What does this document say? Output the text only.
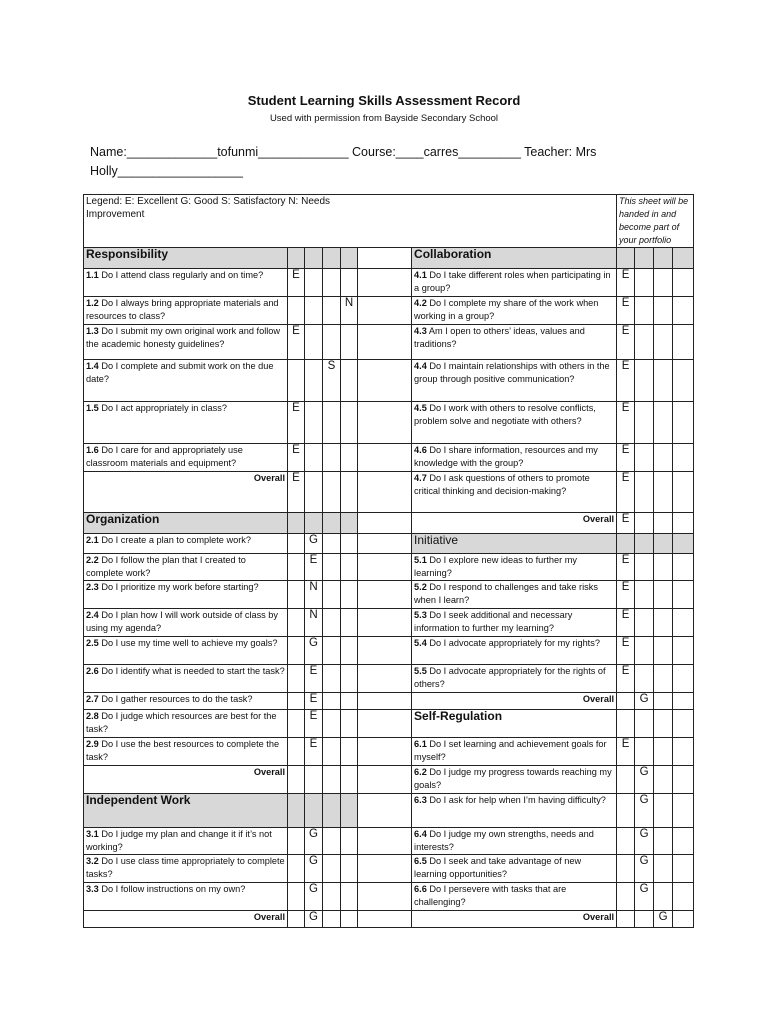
Student Learning Skills Assessment Record
Used with permission from Bayside Secondary School
Name:_____________tofunmi_____________ Course:____carres_________ Teacher: Mrs Holly__________________
Legend: E: Excellent G: Good S: Satisfactory N: Needs Improvement							This sheet will be handed in and become part of your portfolio			
Responsibility						Collaboration				
1.1 Do I attend class regularly and on time?	E					4.1 Do I take different roles when participating in a group?	E			
1.2 Do I always bring appropriate materials and resources to class?				N		4.2 Do I complete my share of the work when working in a group?	E			
1.3 Do I submit my own original work and follow the academic honesty guidelines?	E					4.3 Am I open to others’ ideas, values and traditions?	E			
1.4 Do I complete and submit work on the due date?			S			4.4 Do I maintain relationships with others in the group through positive communication?	E			
1.5 Do I act appropriately in class?	E					4.5 Do I work with others to resolve conflicts, problem solve and negotiate with others?	E			
1.6 Do I care for and appropriately use classroom materials and equipment?	E					4.6 Do I share information, resources and my knowledge with the group?	E			
Overall	E					4.7 Do I ask questions of others to promote critical thinking and decision-making?	E			
Organization						Overall	E			
2.1 Do I create a plan to complete work?		G				Initiative				
2.2 Do I follow the plan that I created to complete work?		E				5.1 Do I explore new ideas to further my learning?	E			
2.3 Do I prioritize my work before starting?		N				5.2 Do I respond to challenges and take risks when I learn?	E			
2.4 Do I plan how I will work outside of class by using my agenda?		N				5.3 Do I seek additional and necessary information to further my learning?	E			
2.5 Do I use my time well to achieve my goals?		G				5.4 Do I advocate appropriately for my rights?	E			
2.6 Do I identify what is needed to start the task?		E				5.5 Do I advocate appropriately for the rights of others?	E			
2.7 Do I gather resources to do the task?		E				Overall		G		
2.8 Do I judge which resources are best for the task?		E				Self-Regulation				
2.9 Do I use the best resources to complete the task?		E				6.1 Do I set learning and achievement goals for myself?	E			
Overall						6.2 Do I judge my progress towards reaching my goals?		G		
Independent Work						6.3 Do I ask for help when I’m having difficulty?		G		
3.1 Do I judge my plan and change it if it’s not working?		G				6.4 Do I judge my own strengths, needs and interests?		G		
3.2 Do I use class time appropriately to complete tasks?		G				6.5 Do I seek and take advantage of new learning opportunities?		G		
3.3 Do I follow instructions on my own?		G				6.6 Do I persevere with tasks that are challenging?		G		
Overall		G				Overall			G	
